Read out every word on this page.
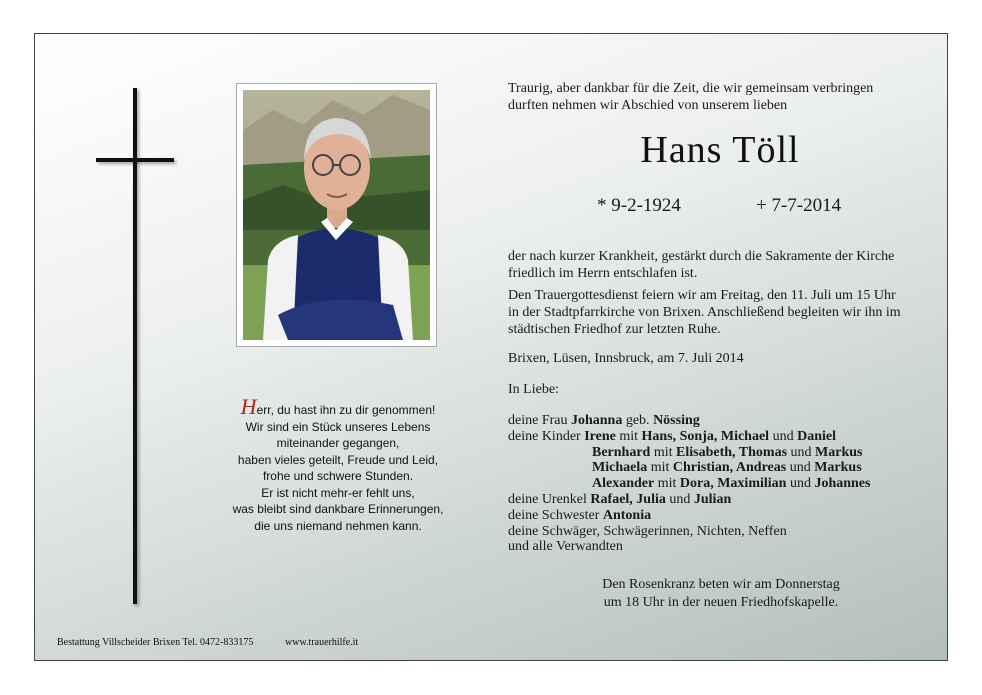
Herr, du hast ihn zu dir genommen!
Wir sind ein Stück unseres Lebens
miteinander gegangen,
haben vieles geteilt, Freude und Leid,
frohe und schwere Stunden.
Er ist nicht mehr-er fehlt uns,
was bleibt sind dankbare Erinnerungen,
die uns niemand nehmen kann.
Traurig, aber dankbar für die Zeit, die wir gemeinsam verbringen
durften nehmen wir Abschied von unserem lieben
Hans Töll
* 9-2-1924	+ 7-7-2014
der nach kurzer Krankheit, gestärkt durch die Sakramente der Kirche
friedlich im Herrn entschlafen ist.
Den Trauergottesdienst feiern wir am Freitag, den 11. Juli um 15 Uhr
in der Stadtpfarrkirche von Brixen. Anschließend begleiten wir ihn im
städtischen Friedhof zur letzten Ruhe.
Brixen, Lüsen, Innsbruck, am 7. Juli 2014
In Liebe:
deine Frau Johanna geb. Nössing
deine Kinder Irene mit Hans, Sonja, Michael und Daniel
Bernhard mit Elisabeth, Thomas und Markus
Michaela mit Christian, Andreas und Markus
Alexander mit Dora, Maximilian und Johannes
deine Urenkel Rafael, Julia und Julian
deine Schwester Antonia
deine Schwäger, Schwägerinnen, Nichten, Neffen
und alle Verwandten
Den Rosenkranz beten wir am Donnerstag
um 18 Uhr in der neuen Friedhofskapelle.
Bestattung Villscheider Brixen Tel. 0472-833175	www.trauerhilfe.it
